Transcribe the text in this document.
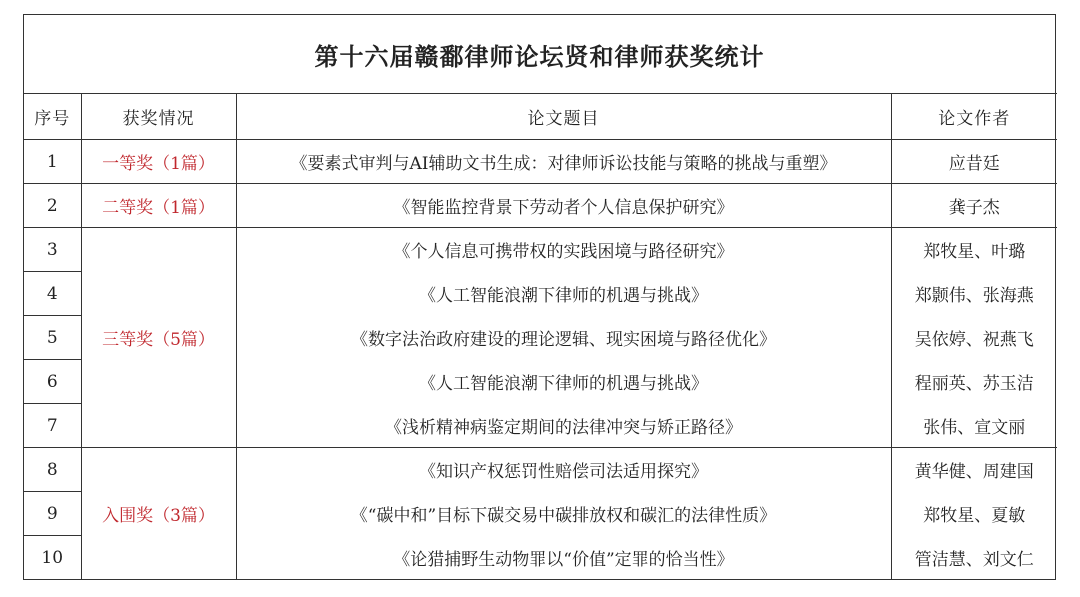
第十六届赣鄱律师论坛贤和律师获奖统计
序号	获奖情况	论文题目	论文作者
1	一等奖（1篇）	《要素式审判与AI辅助文书生成：对律师诉讼技能与策略的挑战与重塑》	应昔廷
2	二等奖（1篇）	《智能监控背景下劳动者个人信息保护研究》	龚子杰
3	三等奖（5篇）	《个人信息可携带权的实践困境与路径研究》	郑牧星、叶璐
4		《人工智能浪潮下律师的机遇与挑战》	郑颢伟、张海燕
5		《数字法治政府建设的理论逻辑、现实困境与路径优化》	吴依婷、祝燕飞
6		《人工智能浪潮下律师的机遇与挑战》	程丽英、苏玉洁
7		《浅析精神病鉴定期间的法律冲突与矫正路径》	张伟、宣文丽
8	入围奖（3篇）	《知识产权惩罚性赔偿司法适用探究》	黄华健、周建国
9		《“碳中和”目标下碳交易中碳排放权和碳汇的法律性质》	郑牧星、夏敏
10		《论猎捕野生动物罪以“价值”定罪的恰当性》	管洁慧、刘文仁
